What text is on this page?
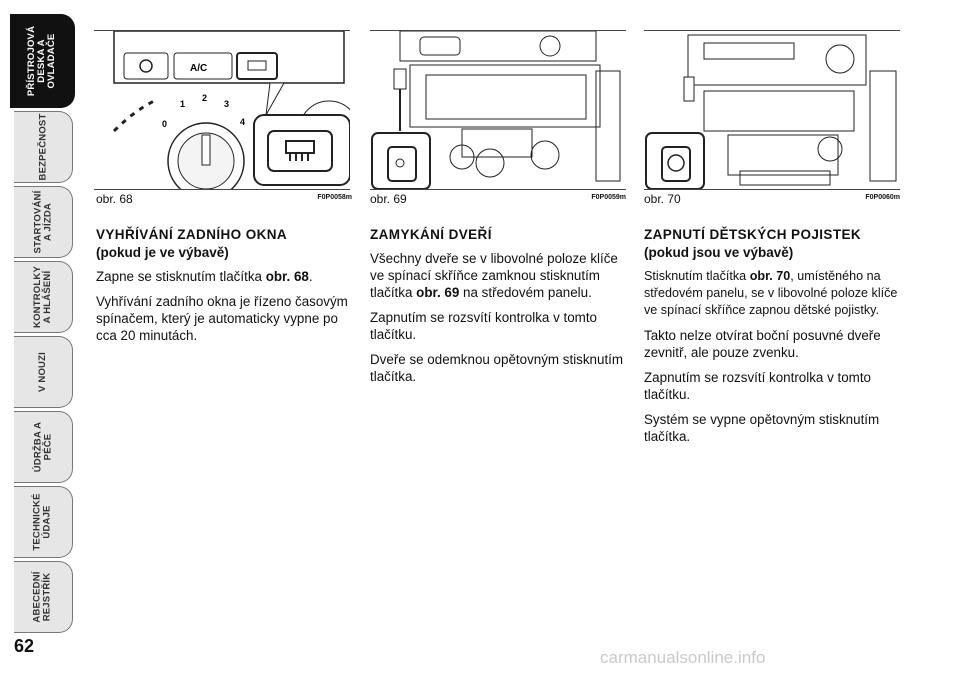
PŘÍSTROJOVÁ
DESKA A
OVLADAČE
BEZPEČNOST
STARTOVÁNÍ
A JÍZDA
KONTROLKY
A HLÁŠENÍ
V NOUZI
ÚDRŽBA A
PÉČE
TECHNICKÉ
ÚDAJE
ABECEDNÍ
REJSTŘÍK
62
A/C
0
1
2
3
4
obr. 68	F0P0058m obr. 69	F0P0059m obr. 70	F0P0060m
VYHŘÍVÁNÍ ZADNÍHO OKNA
(pokud je ve výbavě)

Zapne se stisknutím tlačítka obr. 68.

Vyhřívání zadního okna je řízeno časovým spínačem, který je automaticky vypne po cca 20 minutách.

ZAMYKÁNÍ DVEŘÍ

Všechny dveře se v libovolné poloze klíče ve spínací skříňce zamknou stisknutím tlačítka obr. 69 na středovém panelu.

Zapnutím se rozsvítí kontrolka v tomto tlačítku.

Dveře se odemknou opětovným stisknutím tlačítka.

ZAPNUTÍ DĚTSKÝCH POJISTEK
(pokud jsou ve výbavě)

Stisknutím tlačítka obr. 70, umístěného na středovém panelu, se v libovolné poloze klíče ve spínací skříňce zapnou dětské pojistky.

Takto nelze otvírat boční posuvné dveře zevnitř, ale pouze zvenku.

Zapnutím se rozsvítí kontrolka v tomto tlačítku.

Systém se vypne opětovným stisknutím tlačítka.

carmanualsonline.info
